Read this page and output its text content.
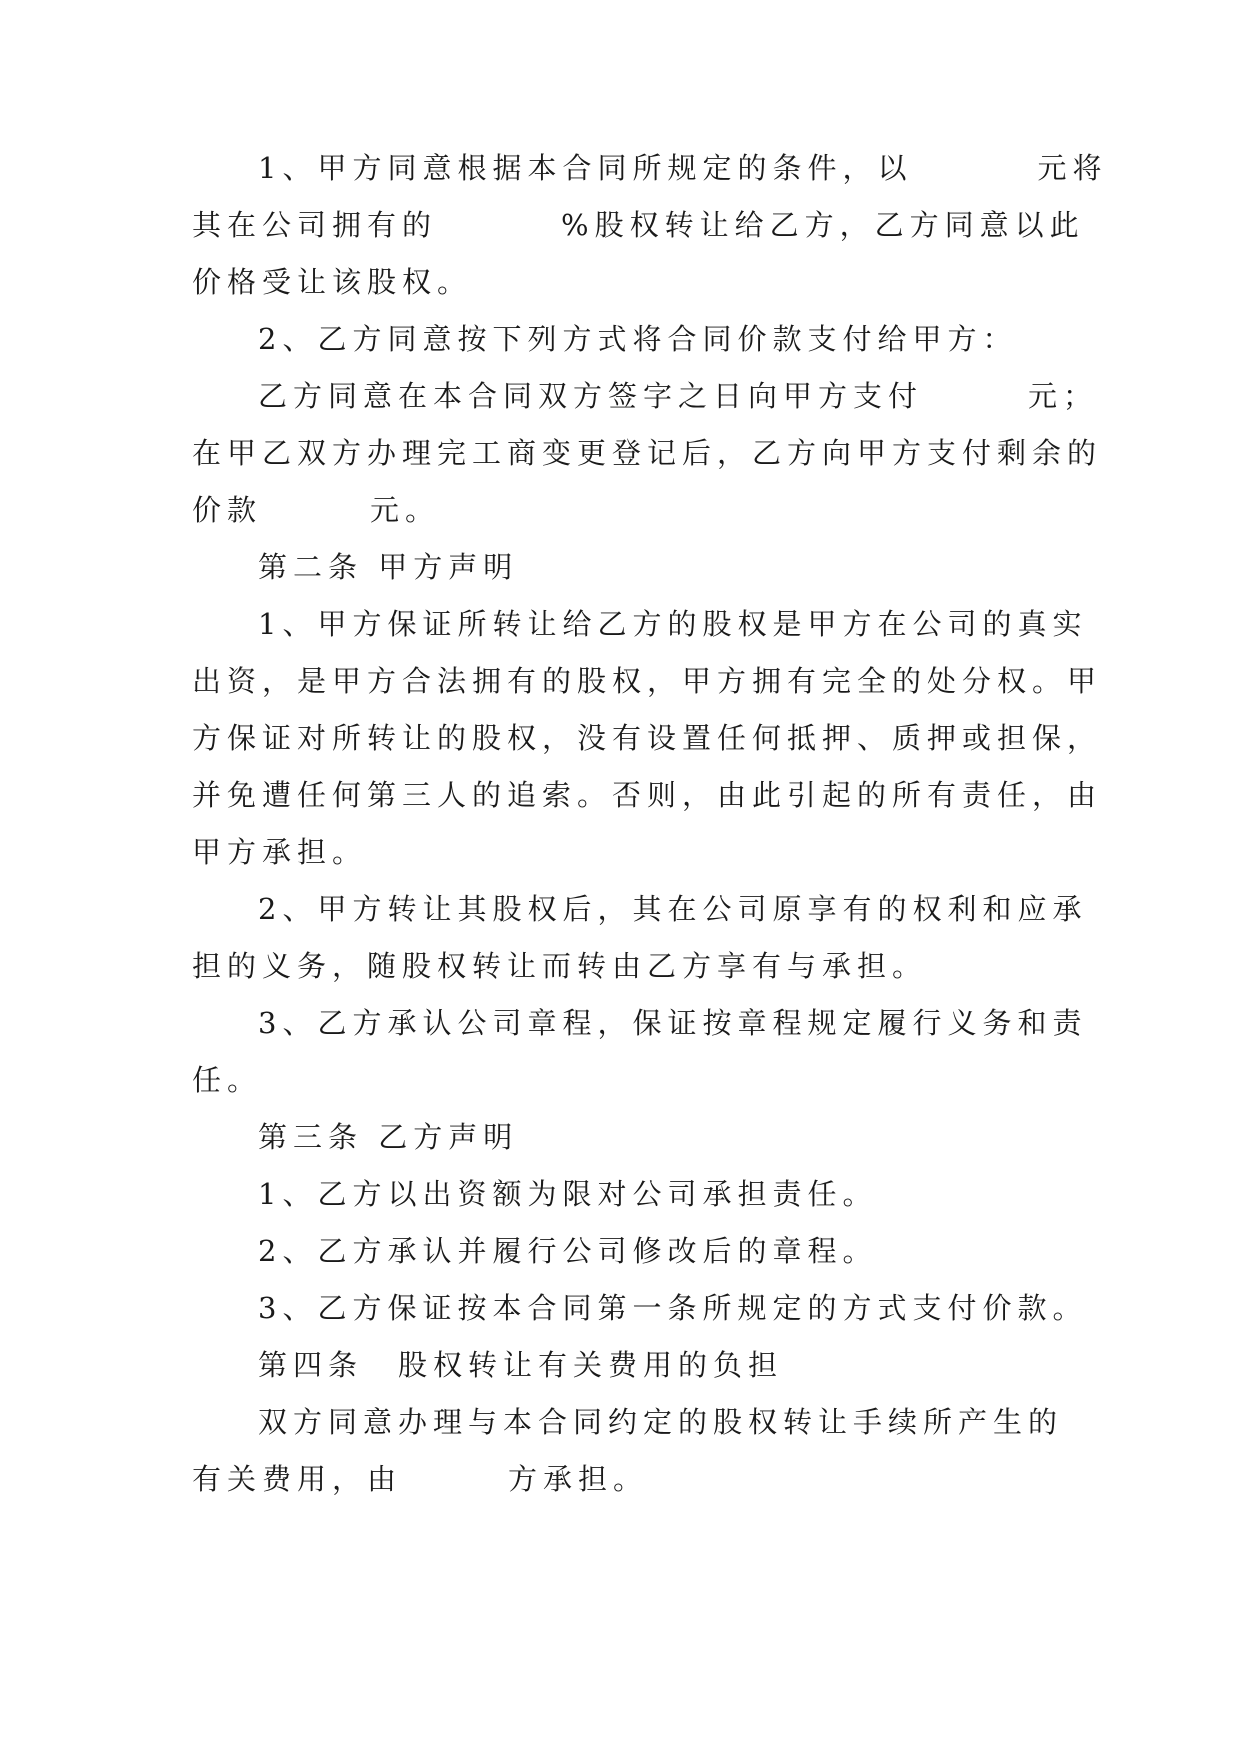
1、甲方同意根据本合同所规定的条件，以	元将
其在公司拥有的	%股权转让给乙方，乙方同意以此
价格受让该股权。
2、乙方同意按下列方式将合同价款支付给甲方：
乙方同意在本合同双方签字之日向甲方支付	元；
在甲乙双方办理完工商变更登记后，乙方向甲方支付剩余的
价款	元。
第二条 甲方声明
1、甲方保证所转让给乙方的股权是甲方在公司的真实
出资，是甲方合法拥有的股权，甲方拥有完全的处分权。甲
方保证对所转让的股权，没有设置任何抵押、质押或担保，
并免遭任何第三人的追索。否则，由此引起的所有责任，由
甲方承担。
2、甲方转让其股权后，其在公司原享有的权利和应承
担的义务，随股权转让而转由乙方享有与承担。
3、乙方承认公司章程，保证按章程规定履行义务和责
任。
第三条 乙方声明
1、乙方以出资额为限对公司承担责任。
2、乙方承认并履行公司修改后的章程。
3、乙方保证按本合同第一条所规定的方式支付价款。
第四条　股权转让有关费用的负担
双方同意办理与本合同约定的股权转让手续所产生的
有关费用，由	方承担。
